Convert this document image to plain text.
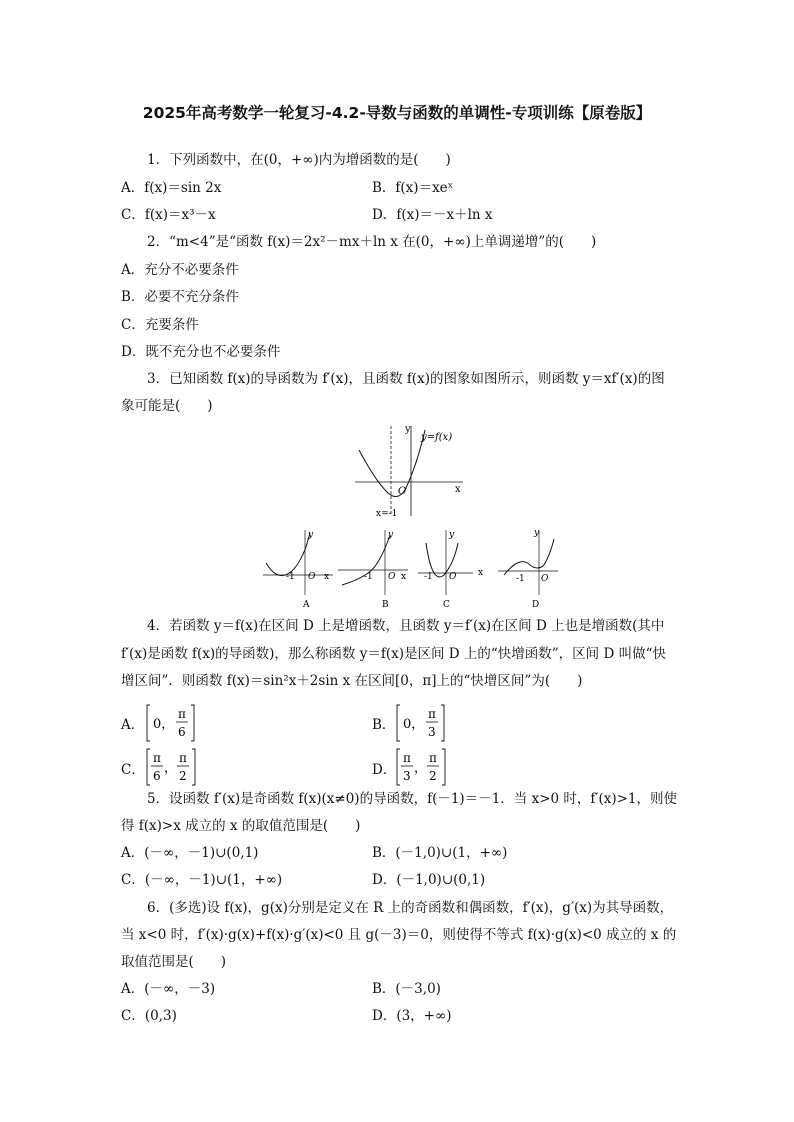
2025年高考数学一轮复习-4.2-导数与函数的单调性-专项训练【原卷版】
1．下列函数中，在(0，+∞)内为增函数的是(　　)
A．f(x)＝sin 2x	B．f(x)＝xeˣ
C．f(x)＝x³－x	D．f(x)＝－x＋ln x
2．“m<4”是“函数 f(x)＝2x²－mx＋ln x 在(0，+∞)上单调递增”的(　　)
A．充分不必要条件
B．必要不充分条件
C．充要条件
D．既不充分也不必要条件
3．已知函数 f(x)的导函数为 f′(x)，且函数 f(x)的图象如图所示，则函数 y＝xf′(x)的图
象可能是(　　)
y
y=f(x)
x
O
x=-1
y
-1 O x
A
y
-1 O x
B
y
-1 O x
C
y
-1 O
D
4．若函数 y＝f(x)在区间 D 上是增函数，且函数 y＝f′(x)在区间 D 上也是增函数(其中
f′(x)是函数 f(x)的导函数)，那么称函数 y＝f(x)是区间 D 上的“快增函数”，区间 D 叫做“快
增区间”．则函数 f(x)＝sin²x＋2sin x 在区间[0，π]上的“快增区间”为(　　)
A． 0，
π
6	B． 0，
π
3
C．
π
6 ，
π
2	D．
π
3 ，
π
2
5．设函数 f′(x)是奇函数 f(x)(x≠0)的导函数，f(－1)＝－1．当 x>0 时，f′(x)>1，则使
得 f(x)>x 成立的 x 的取值范围是(　　)
A．(－∞，－1)∪(0,1)	B．(－1,0)∪(1，+∞)
C．(－∞，－1)∪(1，+∞)	D．(－1,0)∪(0,1)
6．(多选)设 f(x)，g(x)分别是定义在 R 上的奇函数和偶函数，f′(x)，g′(x)为其导函数，
当 x<0 时，f′(x)·g(x)+f(x)·g′(x)<0 且 g(－3)＝0，则使得不等式 f(x)·g(x)<0 成立的 x 的
取值范围是(　　)
A．(－∞，－3)	B．(－3,0)
C．(0,3)	D．(3，+∞)
